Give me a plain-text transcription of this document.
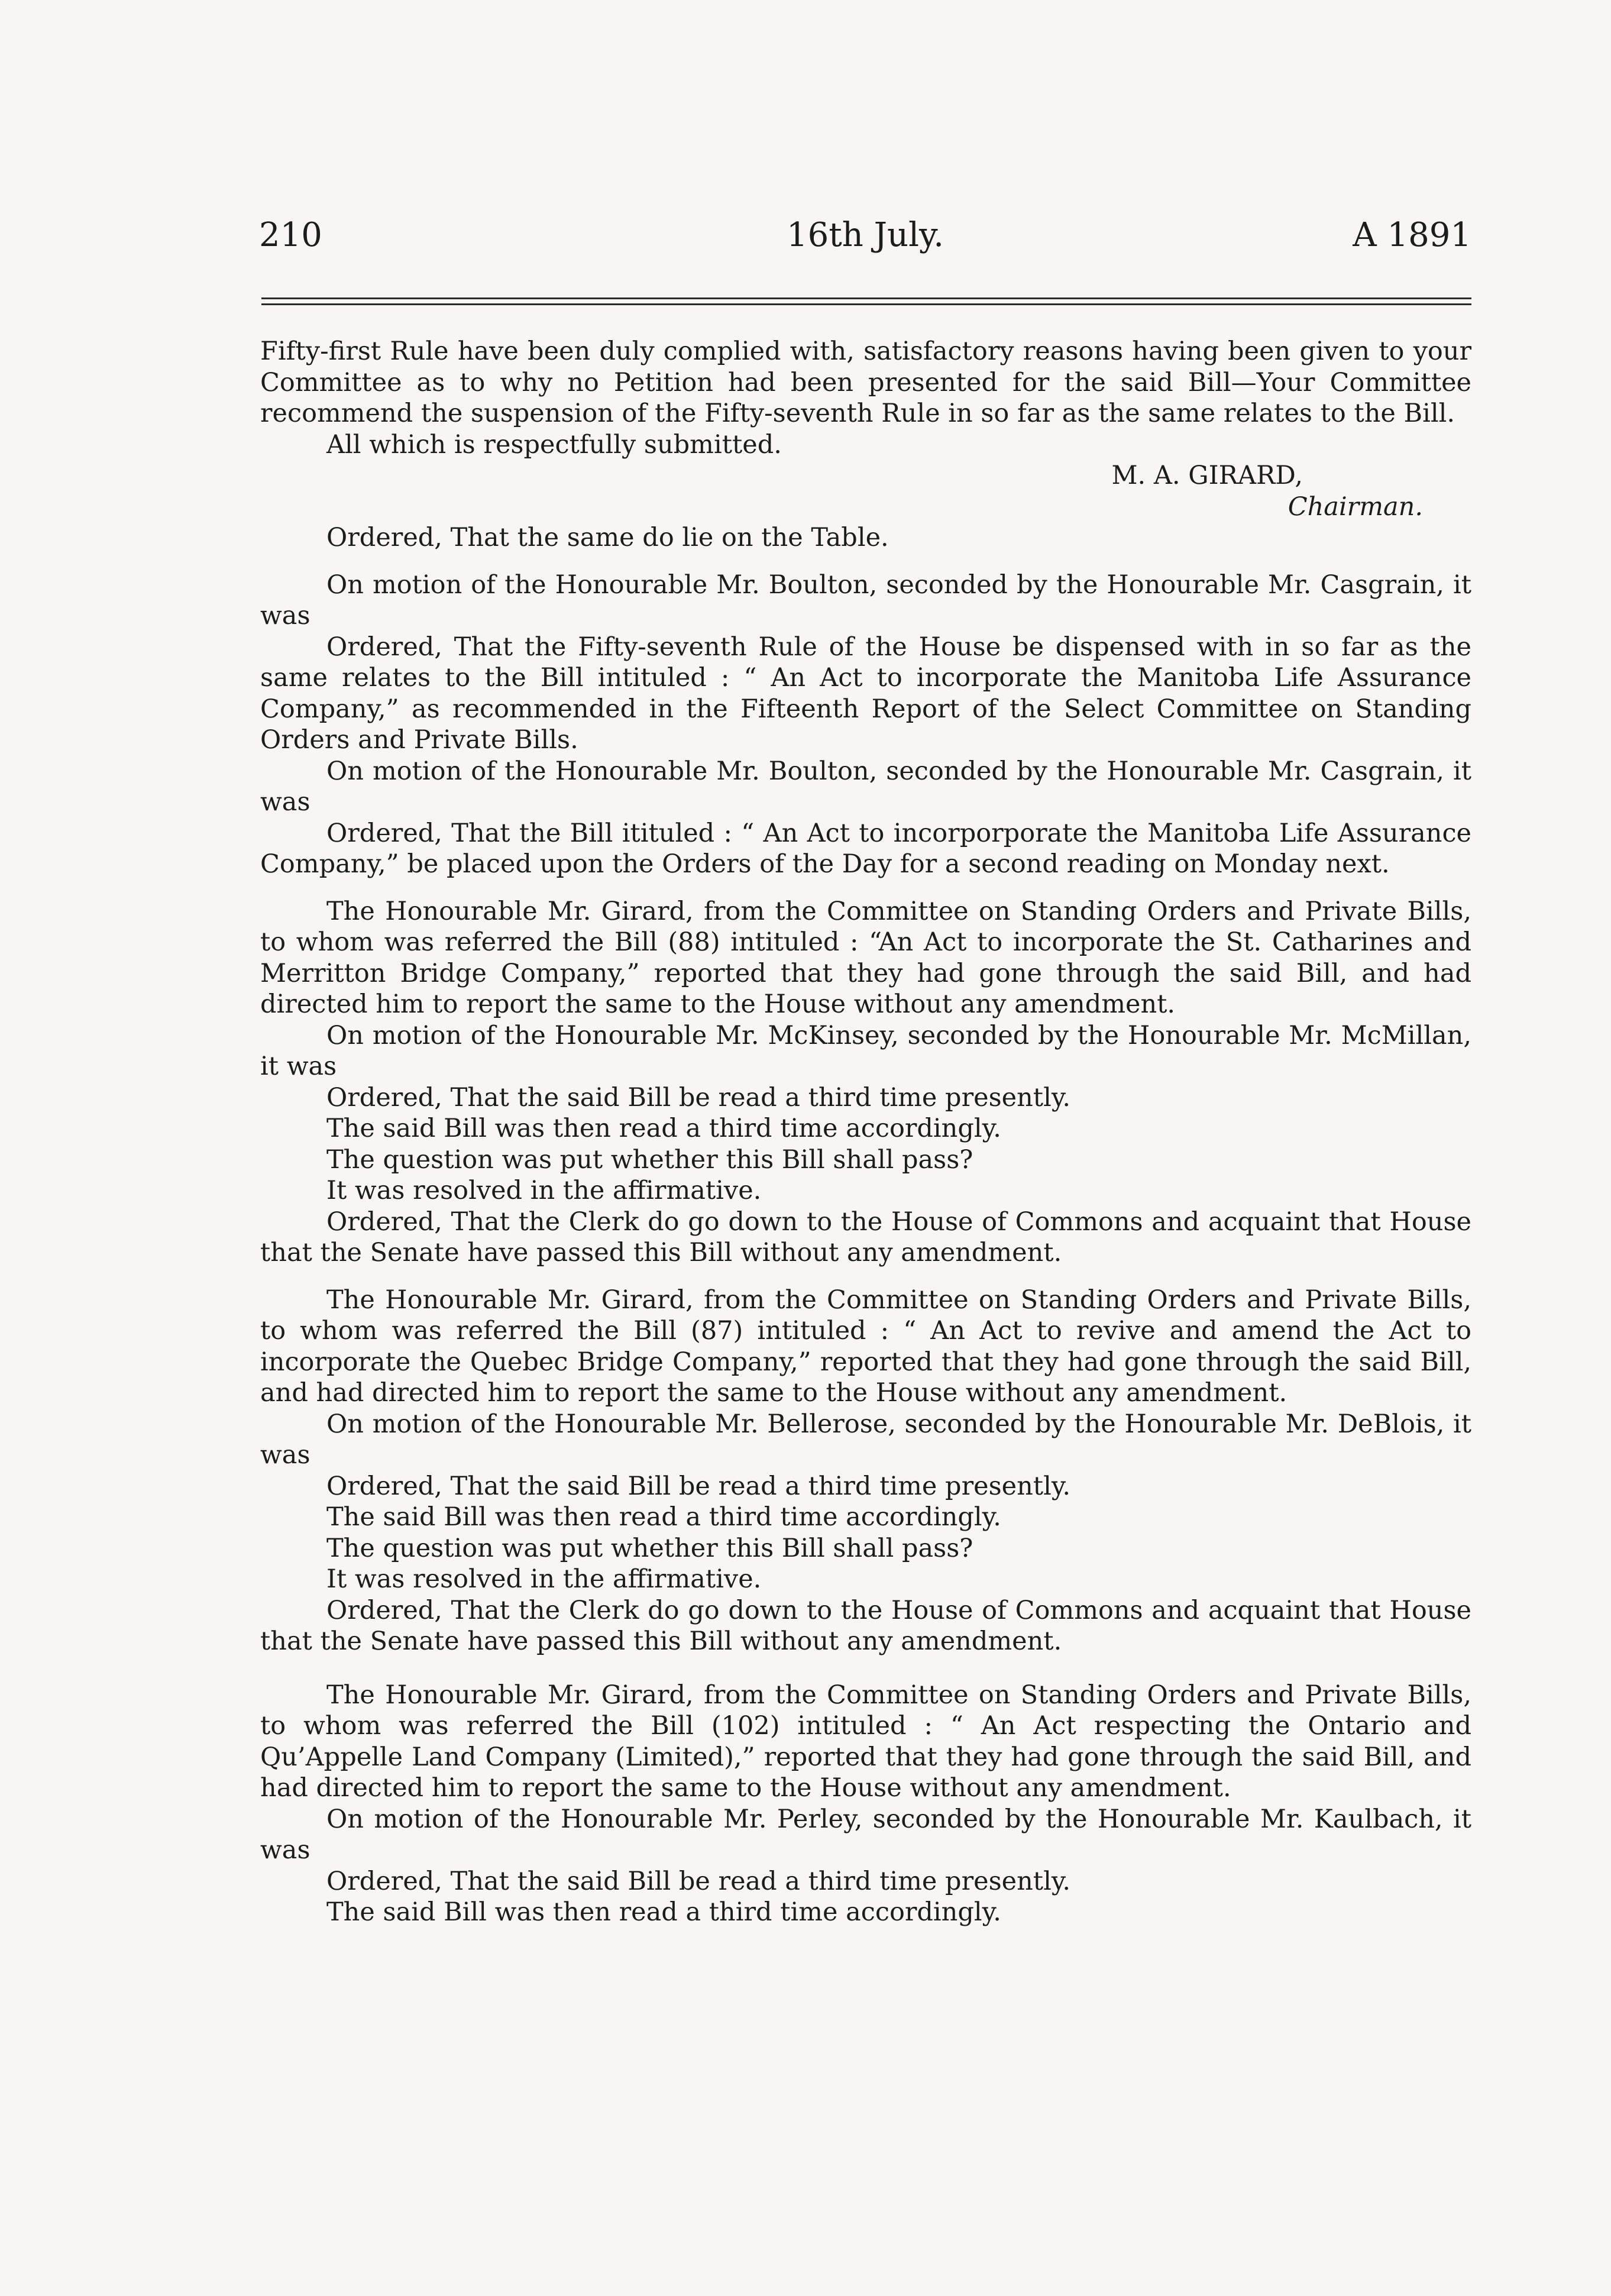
210	16th July.	A 1891

Fifty-first Rule have been duly complied with, satisfactory reasons having been given to your Committee as to why no Petition had been presented for the said Bill—Your Committee recommend the suspension of the Fifty-seventh Rule in so far as the same relates to the Bill.

All which is respectfully submitted.

M. A. GIRARD,

Chairman.

Ordered, That the same do lie on the Table.

On motion of the Honourable Mr. Boulton, seconded by the Honourable Mr. Casgrain, it was

Ordered, That the Fifty-seventh Rule of the House be dispensed with in so far as the same relates to the Bill intituled : “ An Act to incorporate the Manitoba Life Assurance Company,” as recommended in the Fifteenth Report of the Select Committee on Standing Orders and Private Bills.

On motion of the Honourable Mr. Boulton, seconded by the Honourable Mr. Casgrain, it was

Ordered, That the Bill itituled : “ An Act to incorporporate the Manitoba Life Assurance Company,” be placed upon the Orders of the Day for a second reading on Monday next.

The Honourable Mr. Girard, from the Committee on Standing Orders and Private Bills, to whom was referred the Bill (88) intituled : “An Act to incorporate the St. Catharines and Merritton Bridge Company,” reported that they had gone through the said Bill, and had directed him to report the same to the House without any amendment.

On motion of the Honourable Mr. McKinsey, seconded by the Honourable Mr. McMillan, it was

Ordered, That the said Bill be read a third time presently.

The said Bill was then read a third time accordingly.

The question was put whether this Bill shall pass?

It was resolved in the affirmative.

Ordered, That the Clerk do go down to the House of Commons and acquaint that House that the Senate have passed this Bill without any amendment.

The Honourable Mr. Girard, from the Committee on Standing Orders and Private Bills, to whom was referred the Bill (87) intituled : “ An Act to revive and amend the Act to incorporate the Quebec Bridge Company,” reported that they had gone through the said Bill, and had directed him to report the same to the House without any amendment.

On motion of the Honourable Mr. Bellerose, seconded by the Honourable Mr. DeBlois, it was

Ordered, That the said Bill be read a third time presently.

The said Bill was then read a third time accordingly.

The question was put whether this Bill shall pass?

It was resolved in the affirmative.

Ordered, That the Clerk do go down to the House of Commons and acquaint that House that the Senate have passed this Bill without any amendment.

The Honourable Mr. Girard, from the Committee on Standing Orders and Private Bills, to whom was referred the Bill (102) intituled : “ An Act respecting the Ontario and Qu’Appelle Land Company (Limited),” reported that they had gone through the said Bill, and had directed him to report the same to the House without any amendment.

On motion of the Honourable Mr. Perley, seconded by the Honourable Mr. Kaulbach, it was

Ordered, That the said Bill be read a third time presently.

The said Bill was then read a third time accordingly.
